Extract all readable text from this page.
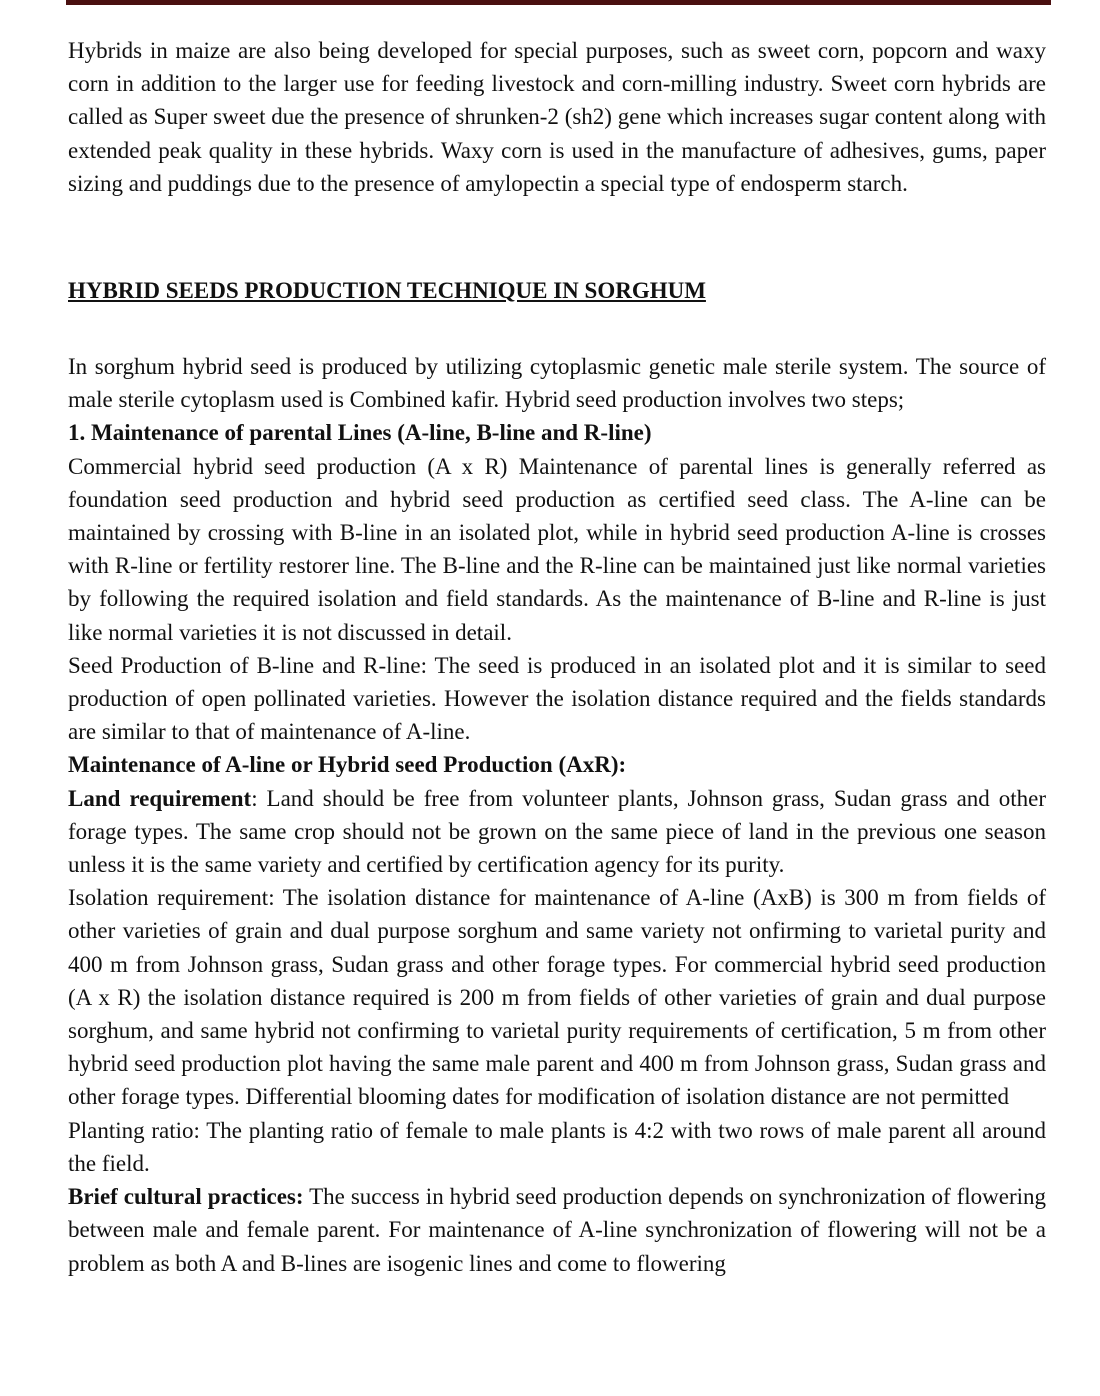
Hybrids in maize are also being developed for special purposes, such as sweet corn, popcorn and waxy corn in addition to the larger use for feeding livestock and corn-milling industry. Sweet corn hybrids are called as Super sweet due the presence of shrunken-2 (sh2) gene which increases sugar content along with extended peak quality in these hybrids. Waxy corn is used in the manufacture of adhesives, gums, paper sizing and puddings due to the presence of amylopectin a special type of endosperm starch.

HYBRID SEEDS PRODUCTION TECHNIQUE IN SORGHUM

In sorghum hybrid seed is produced by utilizing cytoplasmic genetic male sterile system. The source of male sterile cytoplasm used is Combined kafir. Hybrid seed production involves two steps;

1. Maintenance of parental Lines (A-line, B-line and R-line)

Commercial hybrid seed production (A x R) Maintenance of parental lines is generally referred as foundation seed production and hybrid seed production as certified seed class. The A-line can be maintained by crossing with B-line in an isolated plot, while in hybrid seed production A-line is crosses with R-line or fertility restorer line. The B-line and the R-line can be maintained just like normal varieties by following the required isolation and field standards. As the maintenance of B-line and R-line is just like normal varieties it is not discussed in detail.

Seed Production of B-line and R-line: The seed is produced in an isolated plot and it is similar to seed production of open pollinated varieties. However the isolation distance required and the fields standards are similar to that of maintenance of A-line.

Maintenance of A-line or Hybrid seed Production (AxR):

Land requirement: Land should be free from volunteer plants, Johnson grass, Sudan grass and other forage types. The same crop should not be grown on the same piece of land in the previous one season unless it is the same variety and certified by certification agency for its purity.

Isolation requirement: The isolation distance for maintenance of A-line (AxB) is 300 m from fields of other varieties of grain and dual purpose sorghum and same variety not onfirming to varietal purity and 400 m from Johnson grass, Sudan grass and other forage types. For commercial hybrid seed production (A x R) the isolation distance required is 200 m from fields of other varieties of grain and dual purpose sorghum, and same hybrid not confirming to varietal purity requirements of certification, 5 m from other hybrid seed production plot having the same male parent and 400 m from Johnson grass, Sudan grass and other forage types. Differential blooming dates for modification of isolation distance are not permitted

Planting ratio: The planting ratio of female to male plants is 4:2 with two rows of male parent all around the field.

Brief cultural practices: The success in hybrid seed production depends on synchronization of flowering between male and female parent. For maintenance of A-line synchronization of flowering will not be a problem as both A and B-lines are isogenic lines and come to flowering
